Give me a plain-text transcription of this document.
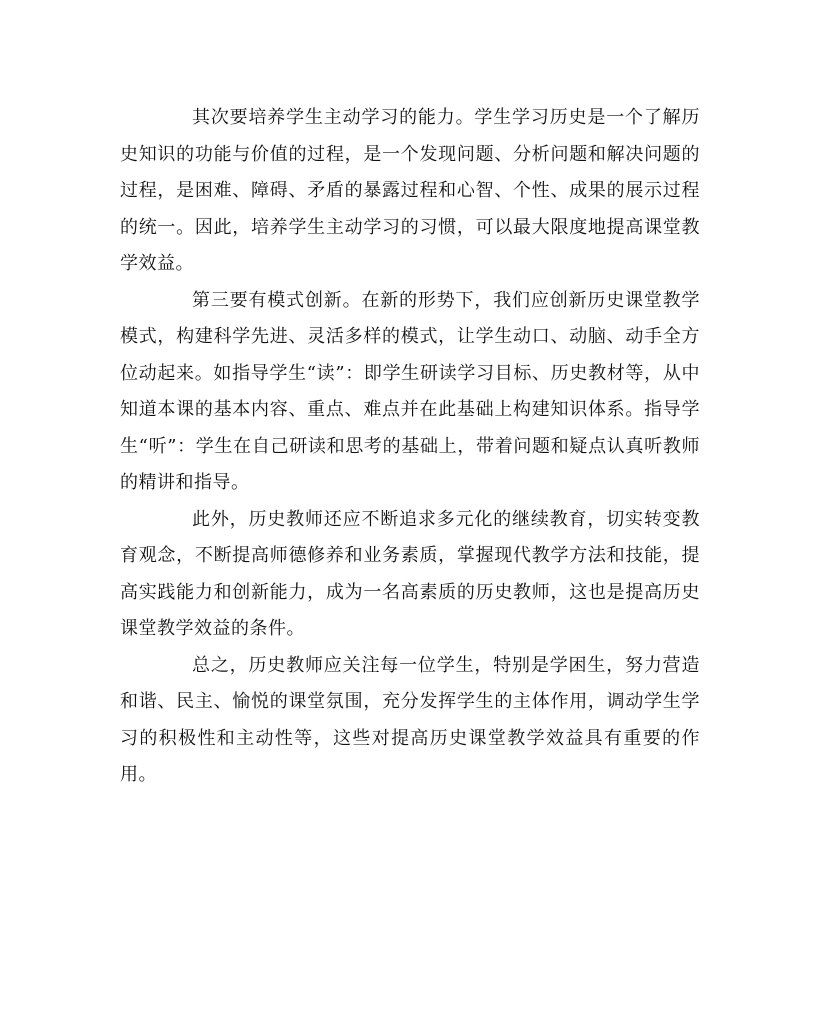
其次要培养学生主动学习的能力。学生学习历史是一个了解历史知识的功能与价值的过程，是一个发现问题、分析问题和解决问题的过程，是困难、障碍、矛盾的暴露过程和心智、个性、成果的展示过程的统一。因此，培养学生主动学习的习惯，可以最大限度地提高课堂教学效益。

第三要有模式创新。在新的形势下，我们应创新历史课堂教学模式，构建科学先进、灵活多样的模式，让学生动口、动脑、动手全方位动起来。如指导学生“读”：即学生研读学习目标、历史教材等，从中知道本课的基本内容、重点、难点并在此基础上构建知识体系。指导学生“听”：学生在自己研读和思考的基础上，带着问题和疑点认真听教师的精讲和指导。

此外，历史教师还应不断追求多元化的继续教育，切实转变教育观念，不断提高师德修养和业务素质，掌握现代教学方法和技能，提高实践能力和创新能力，成为一名高素质的历史教师，这也是提高历史课堂教学效益的条件。

总之，历史教师应关注每一位学生，特别是学困生，努力营造和谐、民主、愉悦的课堂氛围，充分发挥学生的主体作用，调动学生学习的积极性和主动性等，这些对提高历史课堂教学效益具有重要的作用。
